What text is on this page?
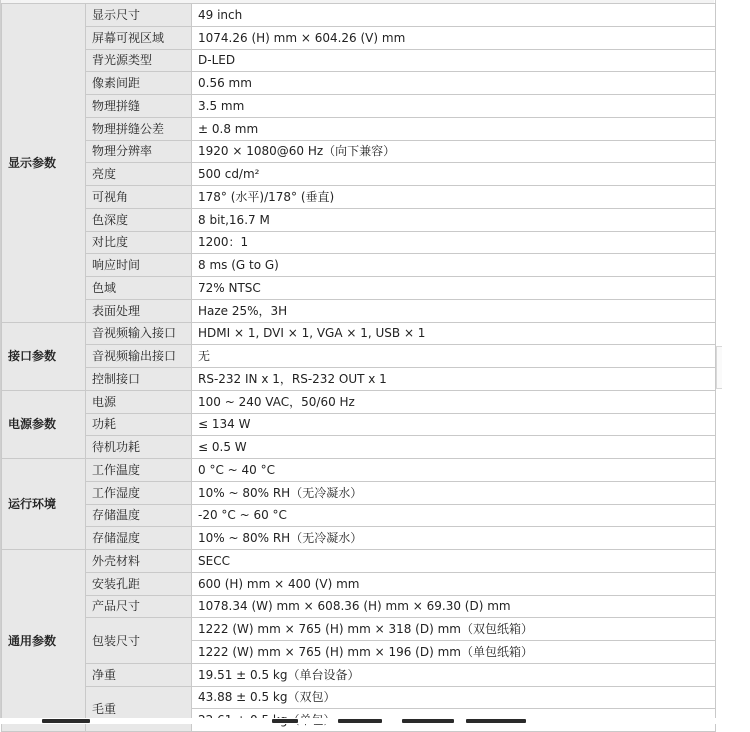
显示参数	显示尺寸	49 inch
	屏幕可视区域	1074.26 (H) mm × 604.26 (V) mm
	背光源类型	D-LED
	像素间距	0.56 mm
	物理拼缝	3.5 mm
	物理拼缝公差	± 0.8 mm
	物理分辨率	1920 × 1080@60 Hz（向下兼容）
	亮度	500 cd/m²
	可视角	178° (水平)/178° (垂直)
	色深度	8 bit,16.7 M
	对比度	1200：1
	响应时间	8 ms (G to G)
	色域	72% NTSC
	表面处理	Haze 25%，3H
接口参数	音视频输入接口	HDMI × 1, DVI × 1, VGA × 1, USB × 1
	音视频输出接口	无
	控制接口	RS-232 IN x 1，RS-232 OUT x 1
电源参数	电源	100 ~ 240 VAC，50/60 Hz
	功耗	≤ 134 W
	待机功耗	≤ 0.5 W
运行环境	工作温度	0 °C ~ 40 °C
	工作湿度	10% ~ 80% RH（无冷凝水）
	存储温度	-20 °C ~ 60 °C
	存储湿度	10% ~ 80% RH（无冷凝水）
通用参数	外壳材料	SECC
	安装孔距	600 (H) mm × 400 (V) mm
	产品尺寸	1078.34 (W) mm × 608.36 (H) mm × 69.30 (D) mm
	包装尺寸	1222 (W) mm × 765 (H) mm × 318 (D) mm（双包纸箱）
		1222 (W) mm × 765 (H) mm × 196 (D) mm（单包纸箱）
	净重	19.51 ± 0.5 kg（单台设备）
	毛重	43.88 ± 0.5 kg（双包）
